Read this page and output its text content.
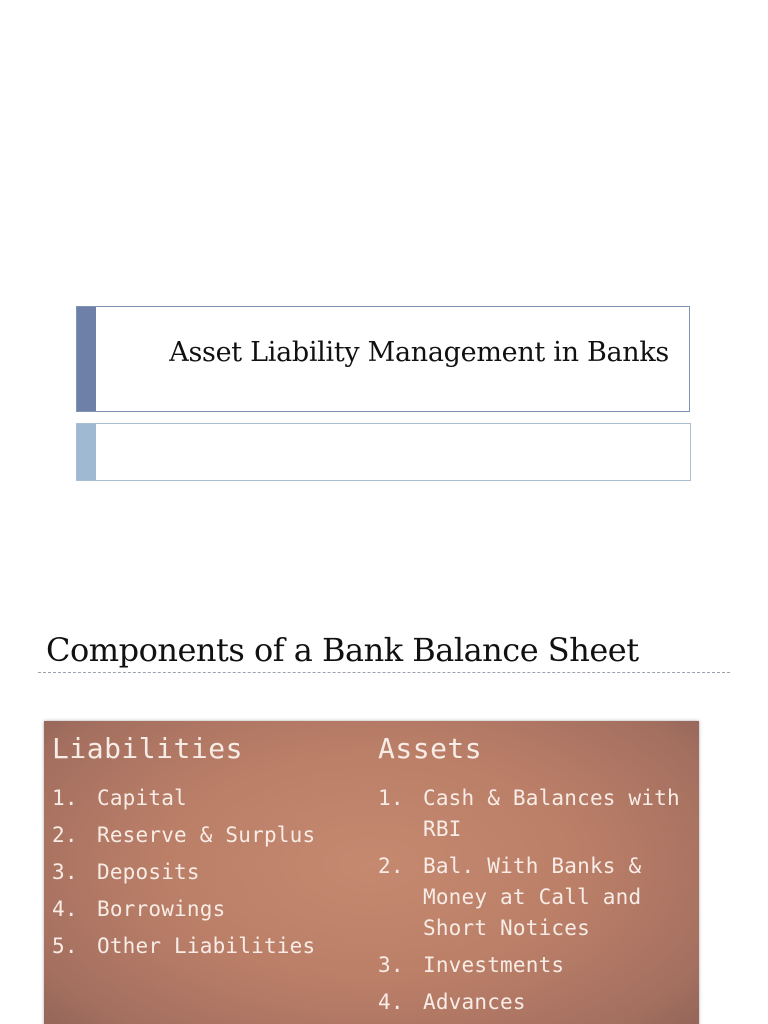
Asset Liability Management in Banks
Components of a Bank Balance Sheet
Liabilities
1. Capital
2. Reserve & Surplus
3. Deposits
4. Borrowings
5. Other Liabilities
Assets
1. Cash & Balances with RBI
2. Bal. With Banks & Money at Call and Short Notices
3. Investments
4. Advances
